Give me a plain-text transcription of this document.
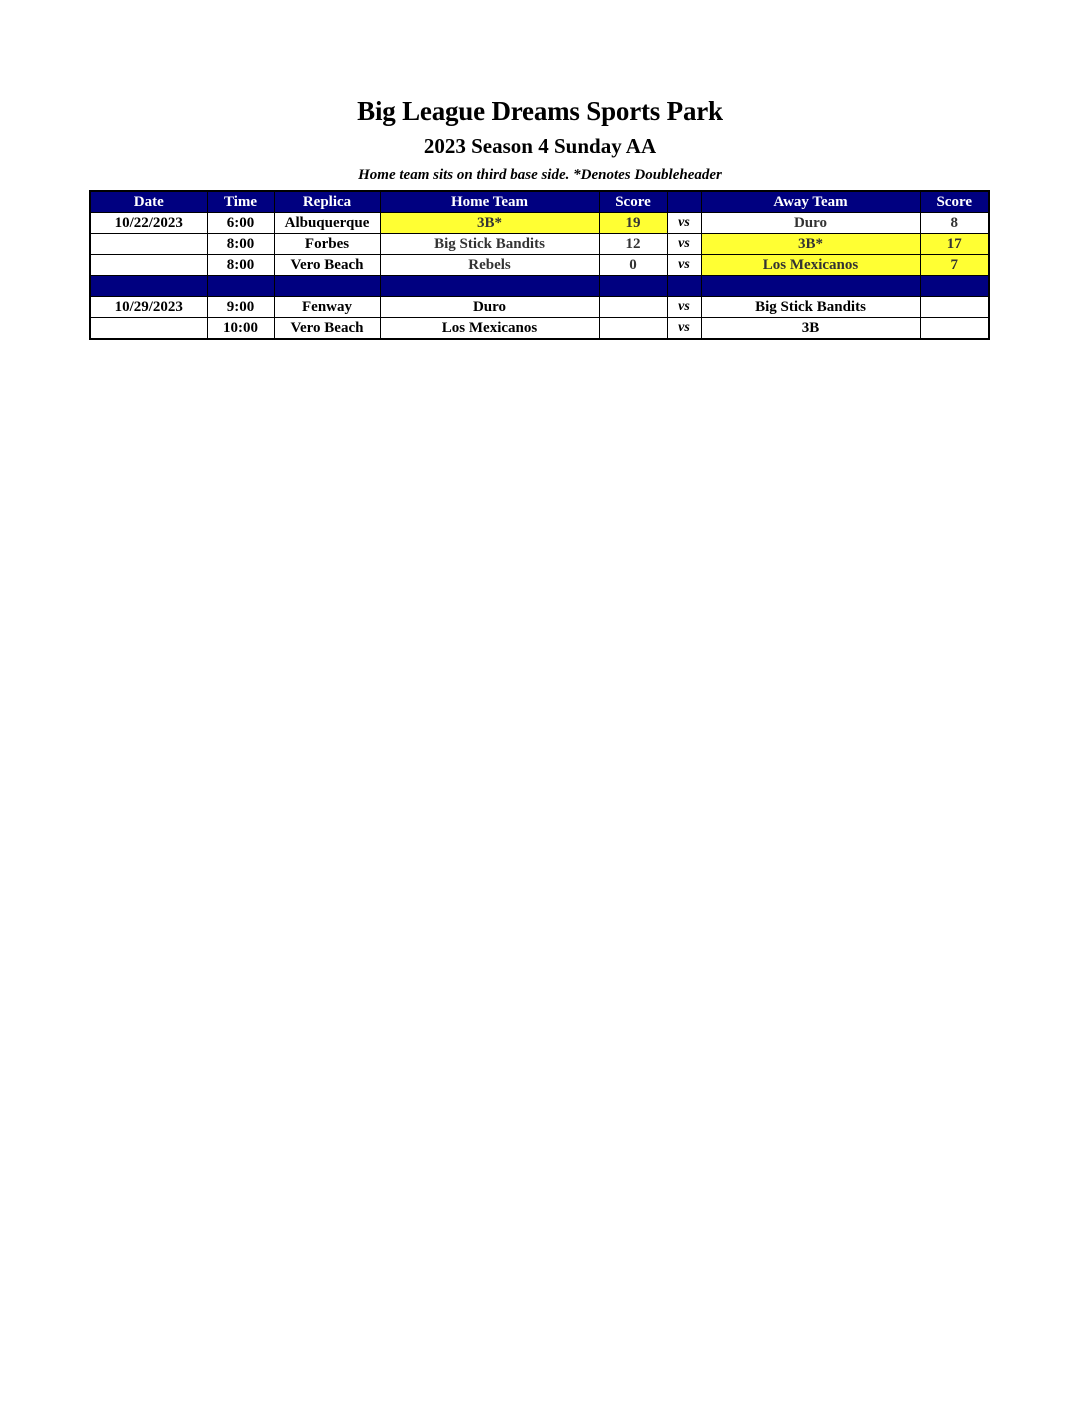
Big League Dreams Sports Park
2023 Season 4 Sunday AA
Home team sits on third base side. *Denotes Doubleheader
Date	Time	Replica	Home Team	Score		Away Team	Score
10/22/2023	6:00	Albuquerque	3B*	19	vs	Duro	8
	8:00	Forbes	Big Stick Bandits	12	vs	3B*	17
	8:00	Vero Beach	Rebels	0	vs	Los Mexicanos	7

10/29/2023	9:00	Fenway	Duro		vs	Big Stick Bandits	
	10:00	Vero Beach	Los Mexicanos		vs	3B	
